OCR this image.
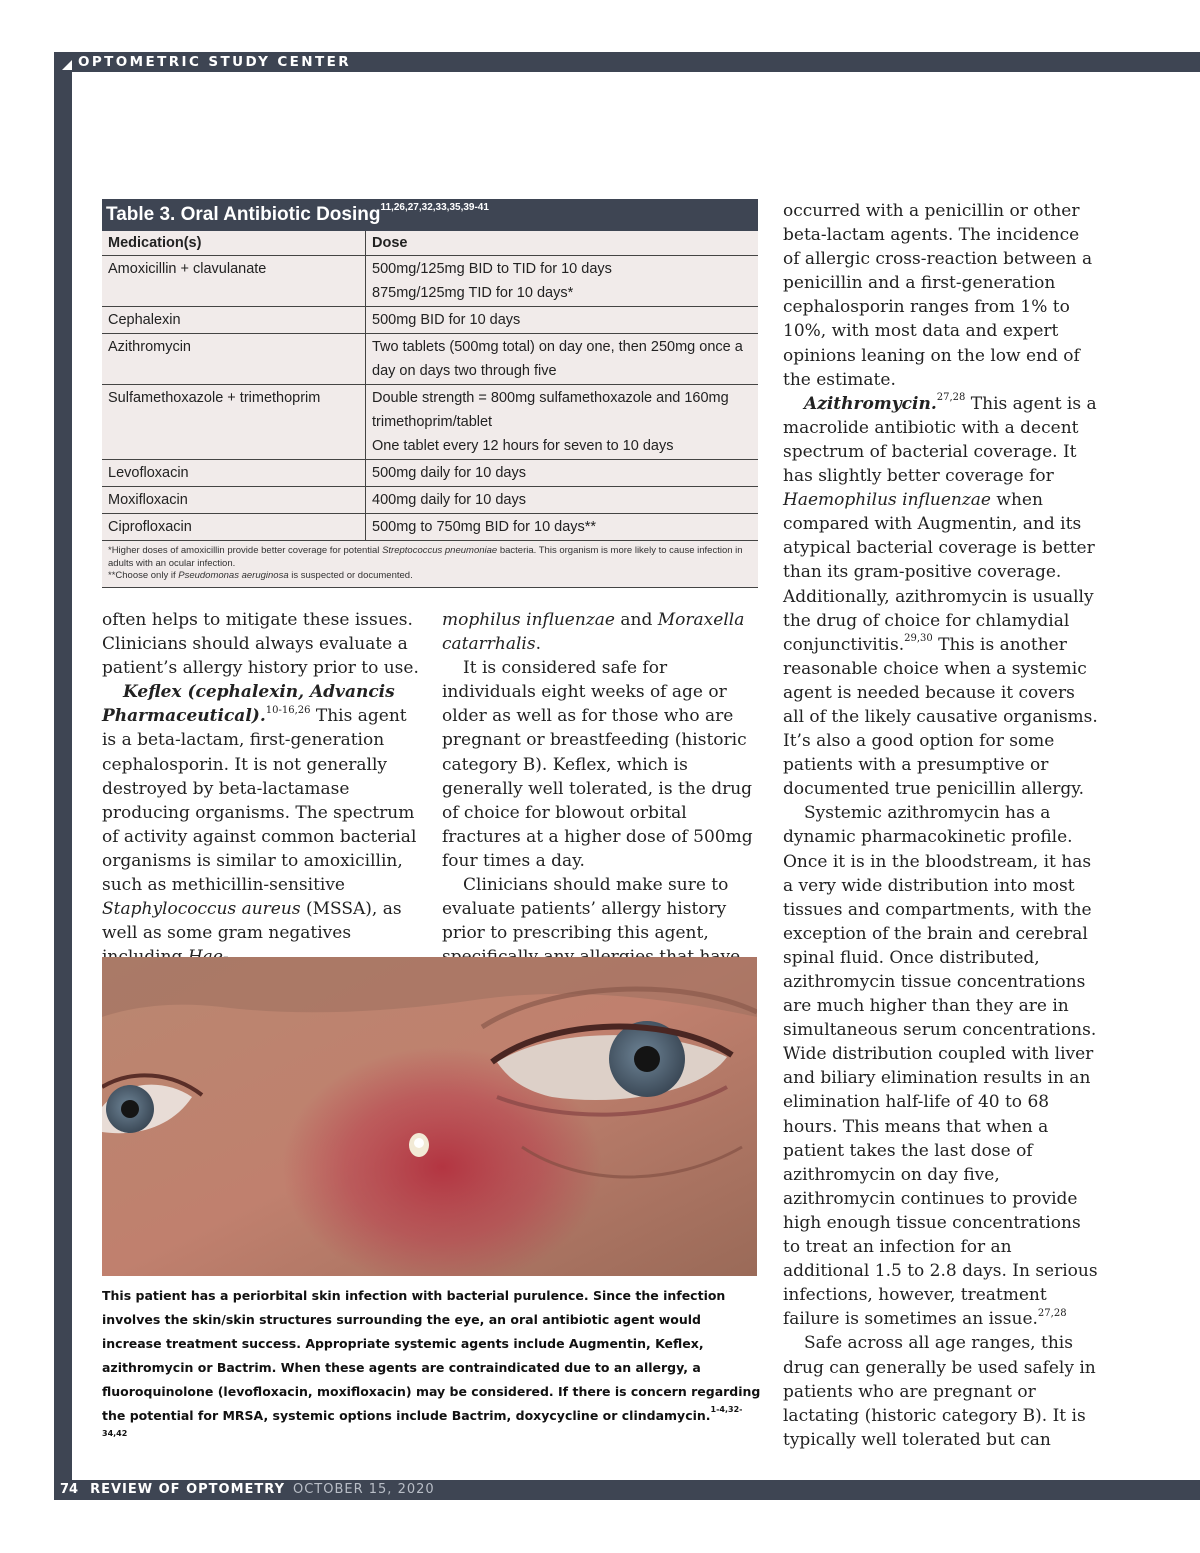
OPTOMETRIC STUDY CENTER
Table 3. Oral Antibiotic Dosing$^{11,26,27,32,33,35,39-41}$
Medication(s)	Dose
Amoxicillin + clavulanate	500mg/125mg BID to TID for 10 days
875mg/125mg TID for 10 days*

Cephalexin	500mg BID for 10 days

Azithromycin	Two tablets (500mg total) on day one, then 250mg once a day on days two through five

Sulfamethoxazole + trimethoprim	Double strength = 800mg sulfamethoxazole and 160mg trimethoprim/tablet
One tablet every 12 hours for seven to 10 days

Levofloxacin	500mg daily for 10 days

Moxifloxacin	400mg daily for 10 days

Ciprofloxacin	500mg to 750mg BID for 10 days**
*Higher doses of amoxicillin provide better coverage for potential Streptococcus pneumoniae bacteria. This organism is more likely to cause infection in adults with an ocular infection.
**Choose only if Pseudomonas aeruginosa is suspected or documented.

often helps to mitigate these issues. Clinicians should always evaluate a patient’s allergy history prior to use.

Keflex (cephalexin, Advancis Pharmaceutical).$^{10-16,26}$ This agent is a beta-lactam, first-generation cephalosporin. It is not generally destroyed by beta-lactamase producing organisms. The spectrum of activity against common bacterial organisms is similar to amoxicillin, such as methicillin-sensitive Staphylococcus aureus (MSSA), as well as some gram negatives

mophilus influenzae and Moraxella catarrhalis.

It is considered safe for individuals eight weeks of age or older as well as for those who are pregnant or breastfeeding (historic category B). Keflex, which is generally well tolerated, is the drug of choice for blowout orbital fractures at a higher dose of 500mg four times a day.

Clinicians should make sure to evaluate patients’ allergy history prior to prescribing this agent,

occurred with a penicillin or other beta-lactam agents. The incidence of allergic cross-reaction between a penicillin and a first-generation cephalosporin ranges from 1% to 10%, with most data and expert opinions leaning on the low end of the estimate.

Azithromycin.$^{27,28}$ This agent is a macrolide antibiotic with a decent spectrum of bacterial coverage. It has slightly better coverage for Haemophilus influenzae when compared with Augmentin, and its atypical bacterial coverage is better than its gram-positive coverage. Additionally, azithromycin is usually the drug of choice for chlamydial conjunctivitis.$^{29,30}$ This is another reasonable choice when a systemic agent is needed because it covers all of the likely causative organisms. It’s also a good option for some patients with a presumptive or documented true penicillin allergy.

Systemic azithromycin has a dynamic pharmacokinetic profile. Once it is in the bloodstream, it has a very wide distribution into most tissues and compartments, with the exception of the brain and cerebral spinal fluid. Once distributed, azithromycin tissue concentrations are much higher than they are in simultaneous serum concentrations. Wide distribution coupled with liver and biliary elimination results in an elimination half-life of 40 to 68 hours. This means that when a patient takes the last dose of azithromycin on day five, azithromycin continues to provide high enough tissue concentrations to treat an infection for an additional 1.5 to 2.8 days. In serious infections, however, treatment failure is sometimes an issue.$^{27,28}$

Safe across all age ranges, this drug can generally be used safely in patients who are pregnant or lactating (historic category B). It is typically well tolerated but can

This patient has a periorbital skin infection with bacterial purulence. Since the infection involves the skin/skin structures surrounding the eye, an oral antibiotic agent would increase treatment success. Appropriate systemic agents include Augmentin, Keflex, azithromycin or Bactrim. When these agents are contraindicated due to an allergy, a fluoroquinolone (levofloxacin, moxifloxacin) may be considered. If there is concern regarding the potential for MRSA, systemic options include Bactrim, doxycycline or clindamycin.$^{1-4,32-34,42}$
74 REVIEW OF OPTOMETRY OCTOBER 15, 2020
